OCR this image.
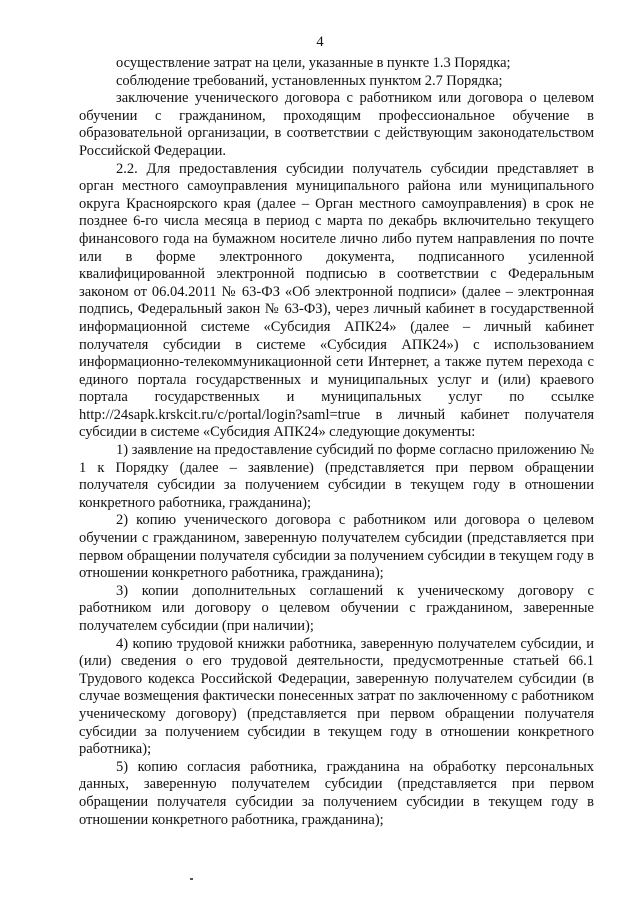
4

осуществление затрат на цели, указанные в пункте 1.3 Порядка;

соблюдение требований, установленных пунктом 2.7 Порядка;

заключение ученического договора с работником или договора о целевом обучении с гражданином, проходящим профессиональное обучение в образовательной организации, в соответствии с действующим законодательством Российской Федерации.

2.2. Для предоставления субсидии получатель субсидии представляет в орган местного самоуправления муниципального района или муниципального округа Красноярского края (далее – Орган местного самоуправления) в срок не позднее 6-го числа месяца в период с марта по декабрь включительно текущего финансового года на бумажном носителе лично либо путем направления по почте или в форме электронного документа, подписанного усиленной квалифицированной электронной подписью в соответствии с Федеральным законом от 06.04.2011 № 63-ФЗ «Об электронной подписи» (далее – электронная подпись, Федеральный закон № 63-ФЗ), через личный кабинет в государственной информационной системе «Субсидия АПК24» (далее – личный кабинет получателя субсидии в системе «Субсидия АПК24») с использованием информационно-телекоммуникационной сети Интернет, а также путем перехода с единого портала государственных и муниципальных услуг и (или) краевого портала государственных и муниципальных услуг по ссылке http://24sapk.krskcit.ru/c/portal/login?saml=true в личный кабинет получателя субсидии в системе «Субсидия АПК24» следующие документы:

1) заявление на предоставление субсидий по форме согласно приложению № 1 к Порядку (далее – заявление) (представляется при первом обращении получателя субсидии за получением субсидии в текущем году в отношении конкретного работника, гражданина);

2) копию ученического договора с работником или договора о целевом обучении с гражданином, заверенную получателем субсидии (представляется при первом обращении получателя субсидии за получением субсидии в текущем году в отношении конкретного работника, гражданина);

3) копии дополнительных соглашений к ученическому договору с работником или договору о целевом обучении с гражданином, заверенные получателем субсидии (при наличии);

4) копию трудовой книжки работника, заверенную получателем субсидии, и (или) сведения о его трудовой деятельности, предусмотренные статьей 66.1 Трудового кодекса Российской Федерации, заверенную получателем субсидии (в случае возмещения фактически понесенных затрат по заключенному с работником ученическому договору) (представляется при первом обращении получателя субсидии за получением субсидии в текущем году в отношении конкретного работника);

5) копию согласия работника, гражданина на обработку персональных данных, заверенную получателем субсидии (представляется при первом обращении получателя субсидии за получением субсидии в текущем году в отношении конкретного работника, гражданина);
